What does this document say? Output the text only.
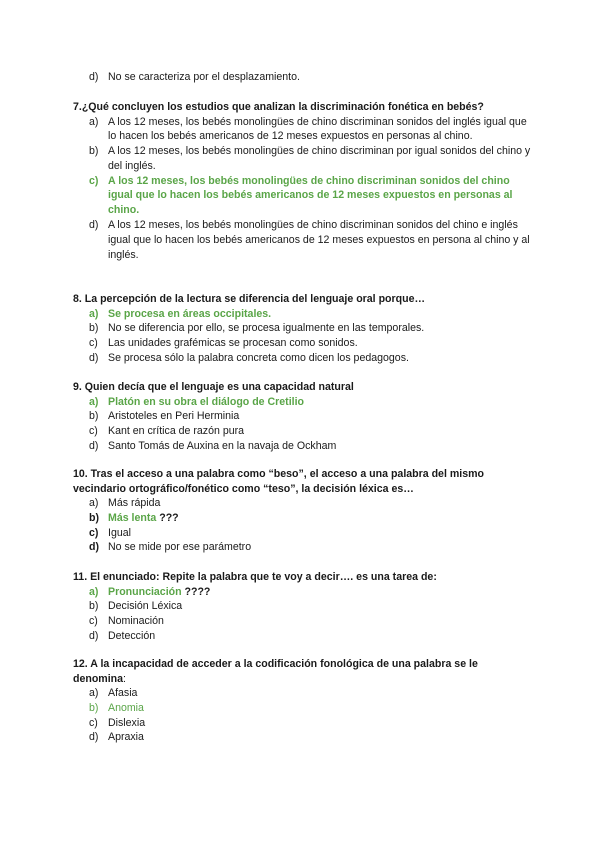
d) No se caracteriza por el desplazamiento.

7.¿Qué concluyen los estudios que analizan la discriminación fonética en bebés?

a) A los 12 meses, los bebés monolingües de chino discriminan sonidos del inglés igual que lo hacen los bebés americanos de 12 meses expuestos en personas al chino.
b) A los 12 meses, los bebés monolingües de chino discriminan por igual sonidos del chino y del inglés.
c) A los 12 meses, los bebés monolingües de chino discriminan sonidos del chino igual que lo hacen los bebés americanos de 12 meses expuestos en personas al chino.
d) A los 12 meses, los bebés monolingües de chino discriminan sonidos del chino e inglés igual que lo hacen los bebés americanos de 12 meses expuestos en persona al chino y al inglés.

8. La percepción de la lectura se diferencia del lenguaje oral porque…

a) Se procesa en áreas occipitales.
b) No se diferencia por ello, se procesa igualmente en las temporales.
c) Las unidades grafémicas se procesan como sonidos.
d) Se procesa sólo la palabra concreta como dicen los pedagogos.

9. Quien decía que el lenguaje es una capacidad natural

a) Platón en su obra el diálogo de Cretilio
b) Aristoteles en Peri Herminia
c) Kant en crítica de razón pura
d) Santo Tomás de Auxina en la navaja de Ockham

10. Tras el acceso a una palabra como “beso”, el acceso a una palabra del mismo vecindario ortográfico/fonético como “teso”, la decisión léxica es…

a) Más rápida
b) Más lenta ???
c) Igual
d) No se mide por ese parámetro

11. El enunciado: Repite la palabra que te voy a decir…. es una tarea de:

a) Pronunciación ????
b) Decisión Léxica
c) Nominación
d) Detección

12. A la incapacidad de acceder a la codificación fonológica de una palabra se le denomina:

a) Afasia
b) Anomia
c) Dislexia
d) Apraxia
